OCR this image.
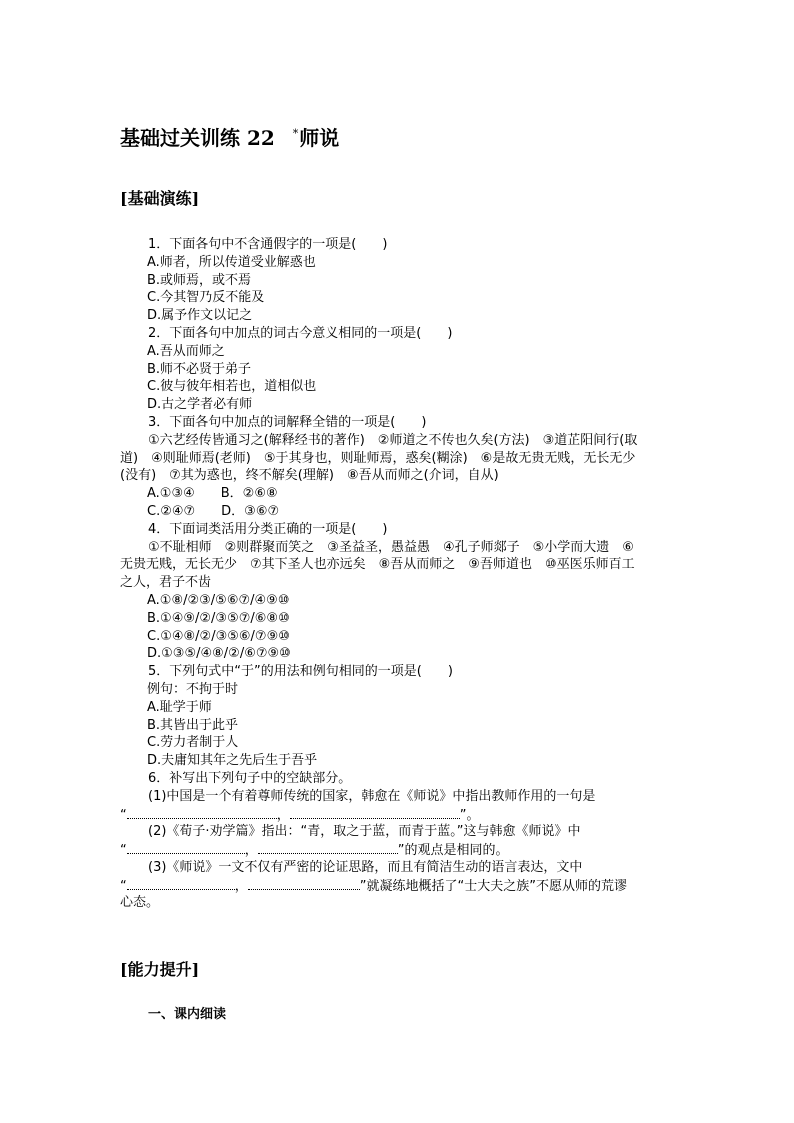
基础过关训练 22 *师说
[基础演练]
1．下面各句中不含通假字的一项是(　　)
A.师者，所以传道受业解惑也
B.或师焉，或不焉
C.今其智乃反不能及
D.属予作文以记之
2．下面各句中加点的词古今意义相同的一项是(　　)
A.吾从而师之
B.师不必贤于弟子
C.彼与彼年相若也，道相似也
D.古之学者必有师
3．下面各句中加点的词解释全错的一项是(　　)
①六艺经传皆通习之(解释经书的著作)　②师道之不传也久矣(方法)　③道芷阳间行(取
道)　④则耻师焉(老师)　⑤于其身也，则耻师焉，惑矣(糊涂)　⑥是故无贵无贱，无长无少
(没有)　⑦其为惑也，终不解矣(理解)　⑧吾从而师之(介词，自从)
A.①③④　　B．②⑥⑧
C.②④⑦　　D．③⑥⑦
4．下面词类活用分类正确的一项是(　　)
①不耻相师　②则群聚而笑之　③圣益圣，愚益愚　④孔子师郯子　⑤小学而大遗　⑥
无贵无贱，无长无少　⑦其下圣人也亦远矣　⑧吾从而师之　⑨吾师道也　⑩巫医乐师百工
之人，君子不齿
A.①⑧/②③/⑤⑥⑦/④⑨⑩
B.①④⑨/②/③⑤⑦/⑥⑧⑩
C.①④⑧/②/③⑤⑥/⑦⑨⑩
D.①③⑤/④⑧/②/⑥⑦⑨⑩
5．下列句式中“于”的用法和例句相同的一项是(　　)
例句：不拘于时
A.耻学于师
B.其皆出于此乎
C.劳力者制于人
D.夫庸知其年之先后生于吾乎
6．补写出下列句子中的空缺部分。
(1)中国是一个有着尊师传统的国家，韩愈在《师说》中指出教师作用的一句是
“	，	”。
(2)《荀子·劝学篇》指出：“青，取之于蓝，而青于蓝。”这与韩愈《师说》中
“	，	”的观点是相同的。
(3)《师说》一文不仅有严密的论证思路，而且有简洁生动的语言表达，文中
“	，	”就凝练地概括了“士大夫之族”不愿从师的荒谬
心态。
[能力提升]
一、课内细读
